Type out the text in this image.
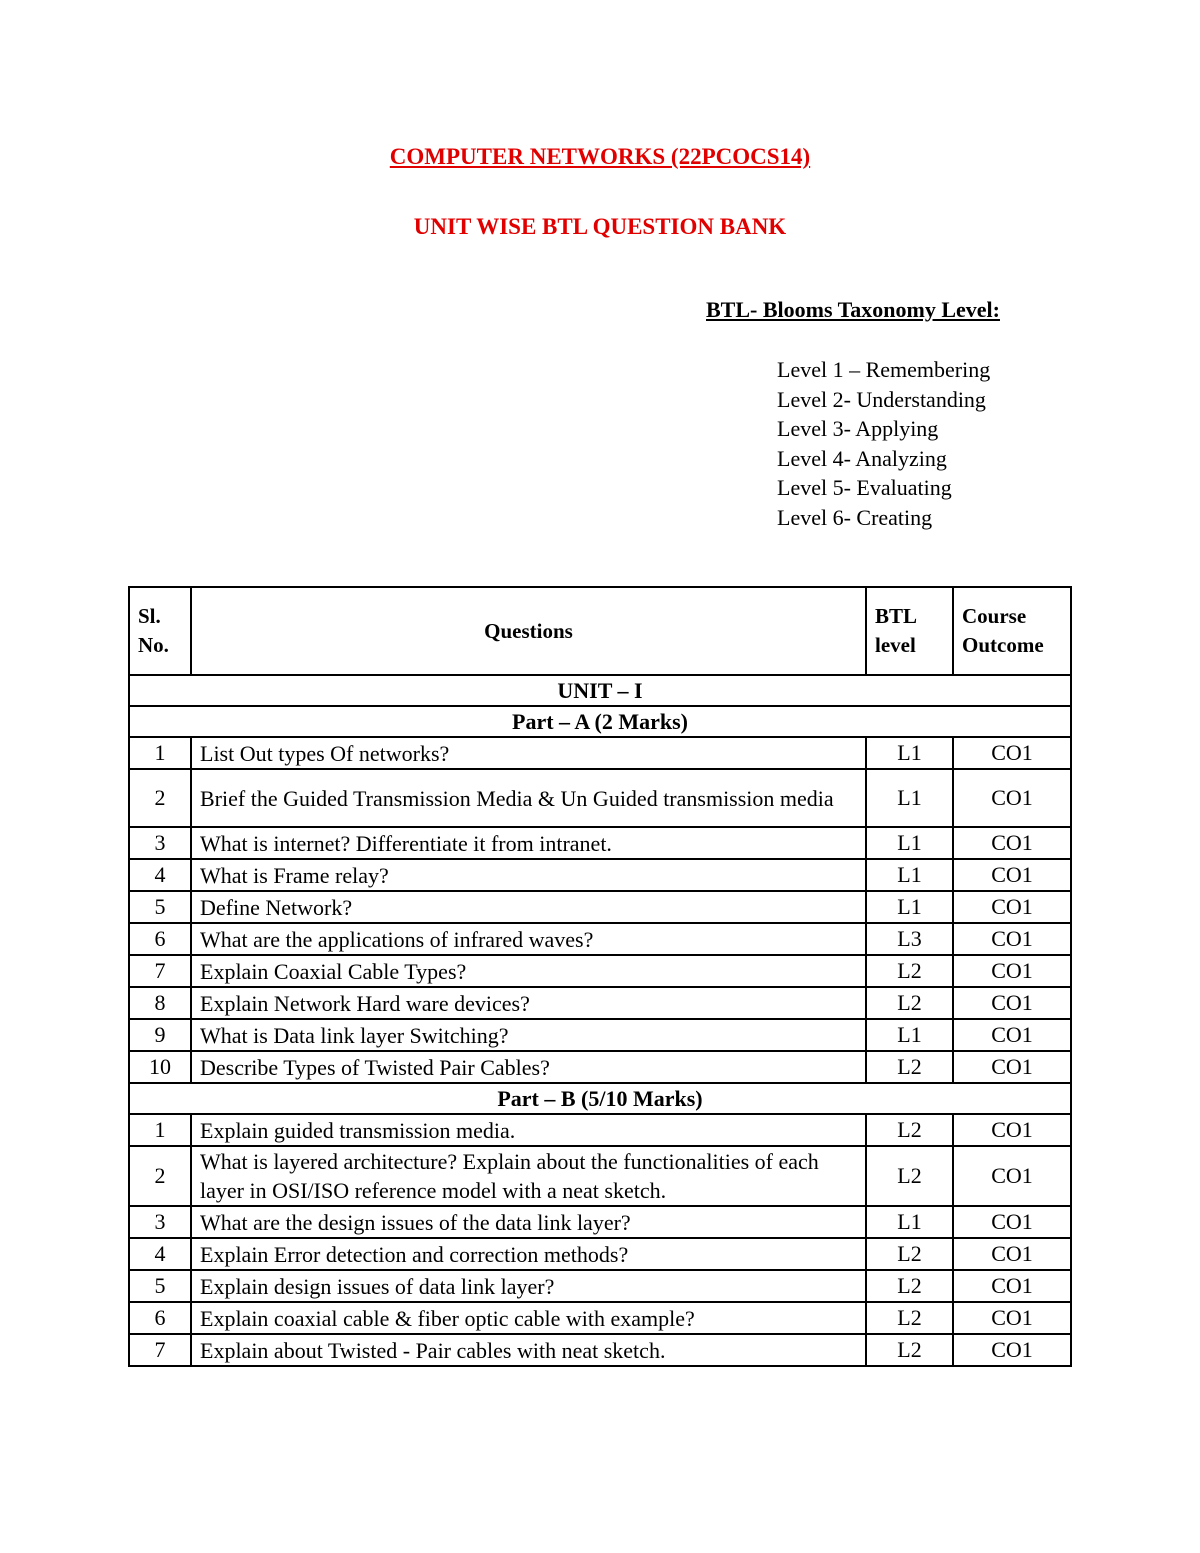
COMPUTER NETWORKS (22PCOCS14)
UNIT WISE BTL QUESTION BANK
BTL- Blooms Taxonomy Level:
Level 1 – Remembering
Level 2- Understanding
Level 3- Applying
Level 4- Analyzing
Level 5- Evaluating
Level 6- Creating
Sl. No.	Questions	BTL level	Course Outcome
UNIT – I			
Part – A (2 Marks)			
1	List Out types Of networks?	L1	CO1
2	Brief the Guided Transmission Media & Un Guided transmission media	L1	CO1
3	What is internet? Differentiate it from intranet.	L1	CO1
4	What is Frame relay?	L1	CO1
5	Define Network?	L1	CO1
6	What are the applications of infrared waves?	L3	CO1
7	Explain Coaxial Cable Types?	L2	CO1
8	Explain Network Hard ware devices?	L2	CO1
9	What is Data link layer Switching?	L1	CO1
10	Describe Types of Twisted Pair Cables?	L2	CO1
Part – B (5/10 Marks)			
1	Explain guided transmission media.	L2	CO1
2	What is layered architecture? Explain about the functionalities of each layer in OSI/ISO reference model with a neat sketch.	L2	CO1
3	What are the design issues of the data link layer?	L1	CO1
4	Explain Error detection and correction methods?	L2	CO1
5	Explain design issues of data link layer?	L2	CO1
6	Explain coaxial cable & fiber optic cable with example?	L2	CO1
7	Explain about Twisted - Pair cables with neat sketch.	L2	CO1
